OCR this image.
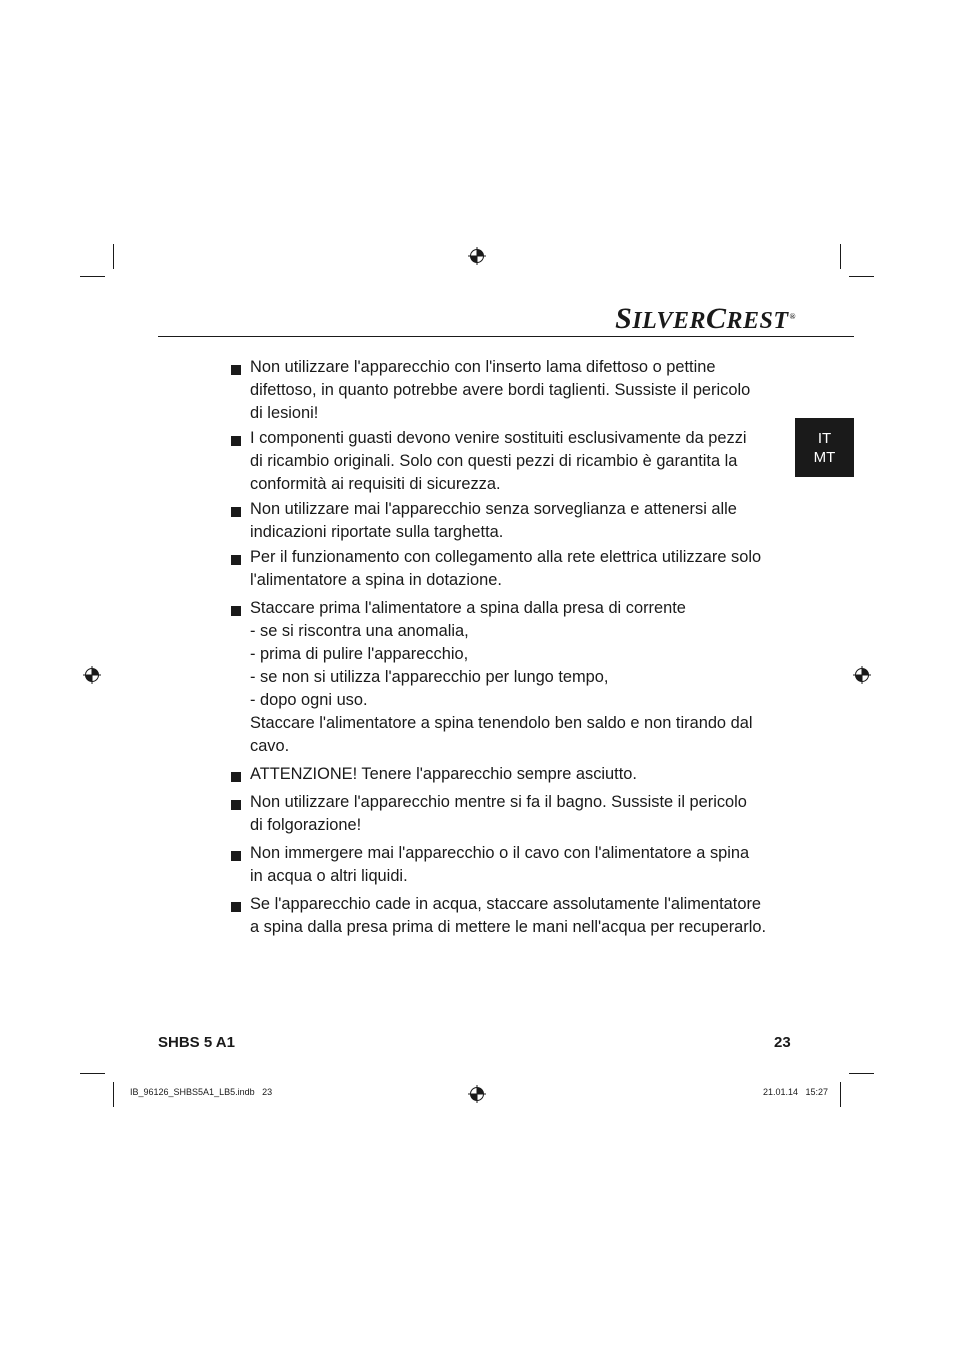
SILVERCREST®
IT
MT
Non utilizzare l'apparecchio con l'inserto lama difettoso o pettine
difettoso, in quanto potrebbe avere bordi taglienti. Sussiste il pericolo
di lesioni!
I componenti guasti devono venire sostituiti esclusivamente da pezzi
di ricambio originali. Solo con questi pezzi di ricambio è garantita la
conformità ai requisiti di sicurezza.
Non utilizzare mai l'apparecchio senza sorveglianza e attenersi alle
indicazioni riportate sulla targhetta.
Per il funzionamento con collegamento alla rete elettrica utilizzare solo
l'alimentatore a spina in dotazione.
Staccare prima l'alimentatore a spina dalla presa di corrente
- se si riscontra una anomalia,
- prima di pulire l'apparecchio,
- se non si utilizza l'apparecchio per lungo tempo,
- dopo ogni uso.
Staccare l'alimentatore a spina tenendolo ben saldo e non tirando dal
cavo.
ATTENZIONE! Tenere l'apparecchio sempre asciutto.
Non utilizzare l'apparecchio mentre si fa il bagno. Sussiste il pericolo
di folgorazione!
Non immergere mai l'apparecchio o il cavo con l'alimentatore a spina
in acqua o altri liquidi.
Se l'apparecchio cade in acqua, staccare assolutamente l'alimentatore
a spina dalla presa prima di mettere le mani nell'acqua per recuperarlo.
SHBS 5 A1	23
IB_96126_SHBS5A1_LB5.indb   23	21.01.14   15:27
